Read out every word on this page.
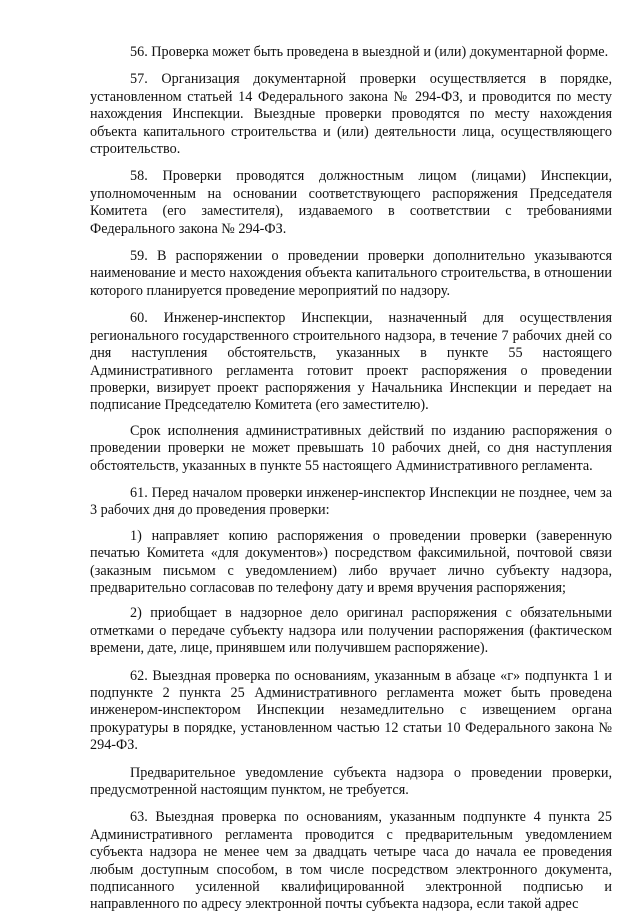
56. Проверка может быть проведена в выездной и (или) документарной форме.

57. Организация документарной проверки осуществляется в порядке, установленном статьей 14 Федерального закона № 294-ФЗ, и проводится по месту нахождения Инспекции. Выездные проверки проводятся по месту нахождения объекта капитального строительства и (или) деятельности лица, осуществляющего строительство.

58. Проверки проводятся должностным лицом (лицами) Инспекции, уполномоченным на основании соответствующего распоряжения Председателя Комитета (его заместителя), издаваемого в соответствии с требованиями Федерального закона № 294-ФЗ.

59. В распоряжении о проведении проверки дополнительно указываются наименование и место нахождения объекта капитального строительства, в отношении которого планируется проведение мероприятий по надзору.

60. Инженер-инспектор Инспекции, назначенный для осуществления регионального государственного строительного надзора, в течение 7 рабочих дней со дня наступления обстоятельств, указанных в пункте 55 настоящего Административного регламента готовит проект распоряжения о проведении проверки, визирует проект распоряжения у Начальника Инспекции и передает на подписание Председателю Комитета (его заместителю).

Срок исполнения административных действий по изданию распоряжения о проведении проверки не может превышать 10 рабочих дней, со дня наступления обстоятельств, указанных в пункте 55 настоящего Административного регламента.

61. Перед началом проверки инженер-инспектор Инспекции не позднее, чем за 3 рабочих дня до проведения проверки:

1) направляет копию распоряжения о проведении проверки (заверенную печатью Комитета «для документов») посредством факсимильной, почтовой связи (заказным письмом с уведомлением) либо вручает лично субъекту надзора, предварительно согласовав по телефону дату и время вручения распоряжения;

2) приобщает в надзорное дело оригинал распоряжения с обязательными отметками о передаче субъекту надзора или получении распоряжения (фактическом времени, дате, лице, принявшем или получившем распоряжение).

62. Выездная проверка по основаниям, указанным в абзаце «г» подпункта 1 и подпункте 2 пункта 25 Административного регламента может быть проведена инженером-инспектором Инспекции незамедлительно с извещением органа прокуратуры в порядке, установленном частью 12 статьи 10 Федерального закона № 294-ФЗ.

Предварительное уведомление субъекта надзора о проведении проверки, предусмотренной настоящим пунктом, не требуется.

63. Выездная проверка по основаниям, указанным подпункте 4 пункта 25 Административного регламента проводится с предварительным уведомлением субъекта надзора не менее чем за двадцать четыре часа до начала ее проведения любым доступным способом, в том числе посредством электронного документа, подписанного усиленной квалифицированной электронной подписью и направленного по адресу электронной почты субъекта надзора, если такой адрес
